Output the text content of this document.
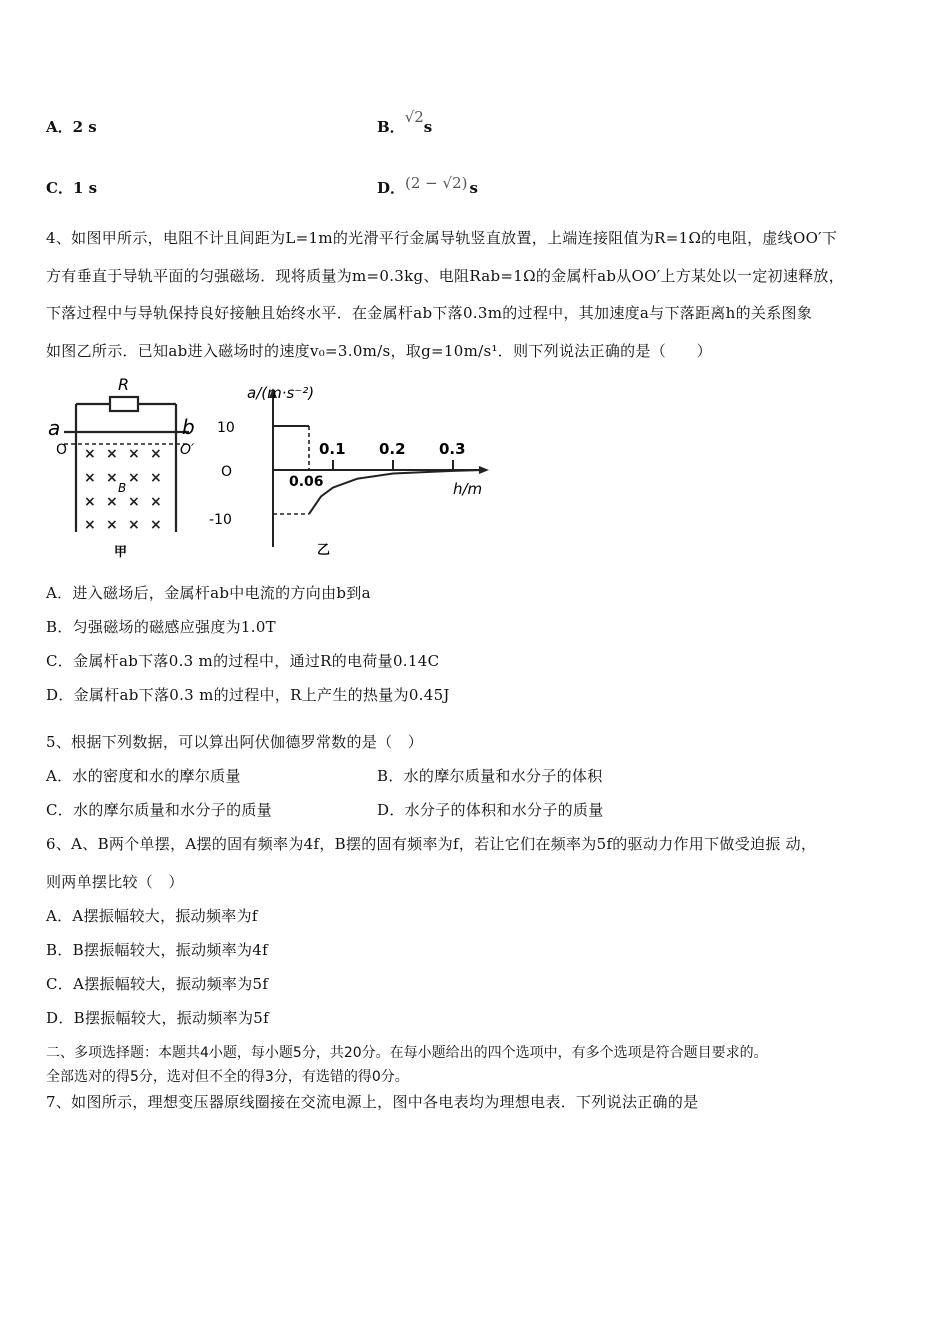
A．2 s	B．√2s
C．1 s	D．(2 − √2) s
4、如图甲所示，电阻不计且间距为L=1m的光滑平行金属导轨竖直放置，上端连接阻值为R=1Ω的电阻，虚线OO′下
方有垂直于导轨平面的匀强磁场．现将质量为m=0.3kg、电阻Rab=1Ω的金属杆ab从OO′上方某处以一定初速释放，
下落过程中与导轨保持良好接触且始终水平．在金属杆ab下落0.3m的过程中，其加速度a与下落距离h的关系图象
如图乙所示．已知ab进入磁场时的速度v₀=3.0m/s，取g=10m/s¹．则下列说法正确的是（　　）
R
a	b
O	O′
× × × ×
× × × ×
× × × ×
× × × ×
B
甲
a/(m·s⁻²)
h/m
10
-10
O
0.06
0.1 0.2 0.3
乙
A．进入磁场后，金属杆ab中电流的方向由b到a
B．匀强磁场的磁感应强度为1.0T
C．金属杆ab下落0.3 m的过程中，通过R的电荷量0.14C
D．金属杆ab下落0.3 m的过程中，R上产生的热量为0.45J
5、根据下列数据，可以算出阿伏伽德罗常数的是（　）
A．水的密度和水的摩尔质量	B．水的摩尔质量和水分子的体积
C．水的摩尔质量和水分子的质量	D．水分子的体积和水分子的质量
6、A、B两个单摆，A摆的固有频率为4f，B摆的固有频率为f，若让它们在频率为5f的驱动力作用下做受迫振 动，
则两单摆比较（　）
A．A摆振幅较大，振动频率为f
B．B摆振幅较大，振动频率为4f
C．A摆振幅较大，振动频率为5f
D．B摆振幅较大，振动频率为5f
二、多项选择题：本题共4小题，每小题5分，共20分。在每小题给出的四个选项中，有多个选项是符合题目要求的。
全部选对的得5分，选对但不全的得3分，有选错的得0分。
7、如图所示，理想变压器原线圈接在交流电源上，图中各电表均为理想电表．下列说法正确的是
